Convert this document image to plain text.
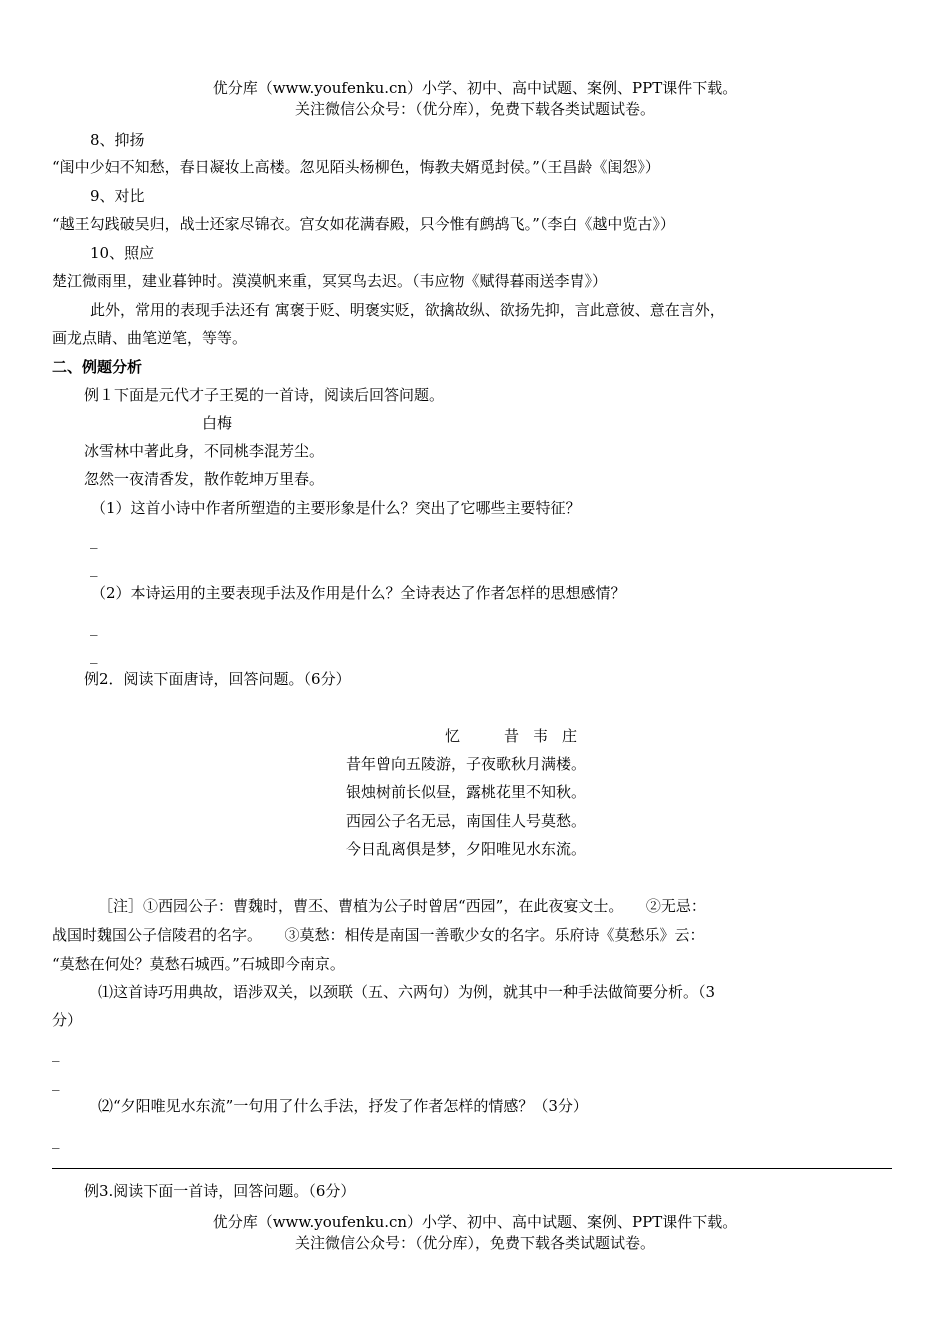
优分库（www.youfenku.cn）小学、初中、高中试题、案例、PPT课件下载。
关注微信公众号：（优分库），免费下载各类试题试卷。
8、抑扬
“闺中少妇不知愁，春日凝妆上高楼。忽见陌头杨柳色，悔教夫婿觅封侯。”（王昌龄《闺怨》）
9、对比
“越王勾践破吴归，战士还家尽锦衣。宫女如花满春殿，只今惟有鹧鸪飞。”（李白《越中览古》）
10、照应
楚江微雨里，建业暮钟时。漠漠帆来重，冥冥鸟去迟。（韦应物《赋得暮雨送李胄》）
此外，常用的表现手法还有 寓褒于贬、明褒实贬，欲擒故纵、欲扬先抑，言此意彼、意在言外，
画龙点睛、曲笔逆笔，等等。
二、例题分析
例１下面是元代才子王冕的一首诗，阅读后回答问题。
白梅
冰雪林中著此身，不同桃李混芳尘。
忽然一夜清香发，散作乾坤万里春。
（1）这首小诗中作者所塑造的主要形象是什么？突出了它哪些主要特征？
_
_
（2）本诗运用的主要表现手法及作用是什么？全诗表达了作者怎样的思想感情？
_
_
例2．阅读下面唐诗，回答问题。（6分）
忆	昔 韦 庄
昔年曾向五陵游，子夜歌秋月满楼。
银烛树前长似昼，露桃花里不知秋。
西园公子名无忌，南国佳人号莫愁。
今日乱离俱是梦，夕阳唯见水东流。
［注］①西园公子：曹魏时，曹丕、曹植为公子时曾居“西园”，在此夜宴文士。　　②无忌：
战国时魏国公子信陵君的名字。　　③莫愁：相传是南国一善歌少女的名字。乐府诗《莫愁乐》云：
“莫愁在何处？莫愁石城西。”石城即今南京。
⑴这首诗巧用典故，语涉双关，以颈联（五、六两句）为例，就其中一种手法做简要分析。（3
分）
_
_
⑵“夕阳唯见水东流”一句用了什么手法，抒发了作者怎样的情感？（3分）
_
例3.阅读下面一首诗，回答问题。（6分）
优分库（www.youfenku.cn）小学、初中、高中试题、案例、PPT课件下载。
关注微信公众号：（优分库），免费下载各类试题试卷。
